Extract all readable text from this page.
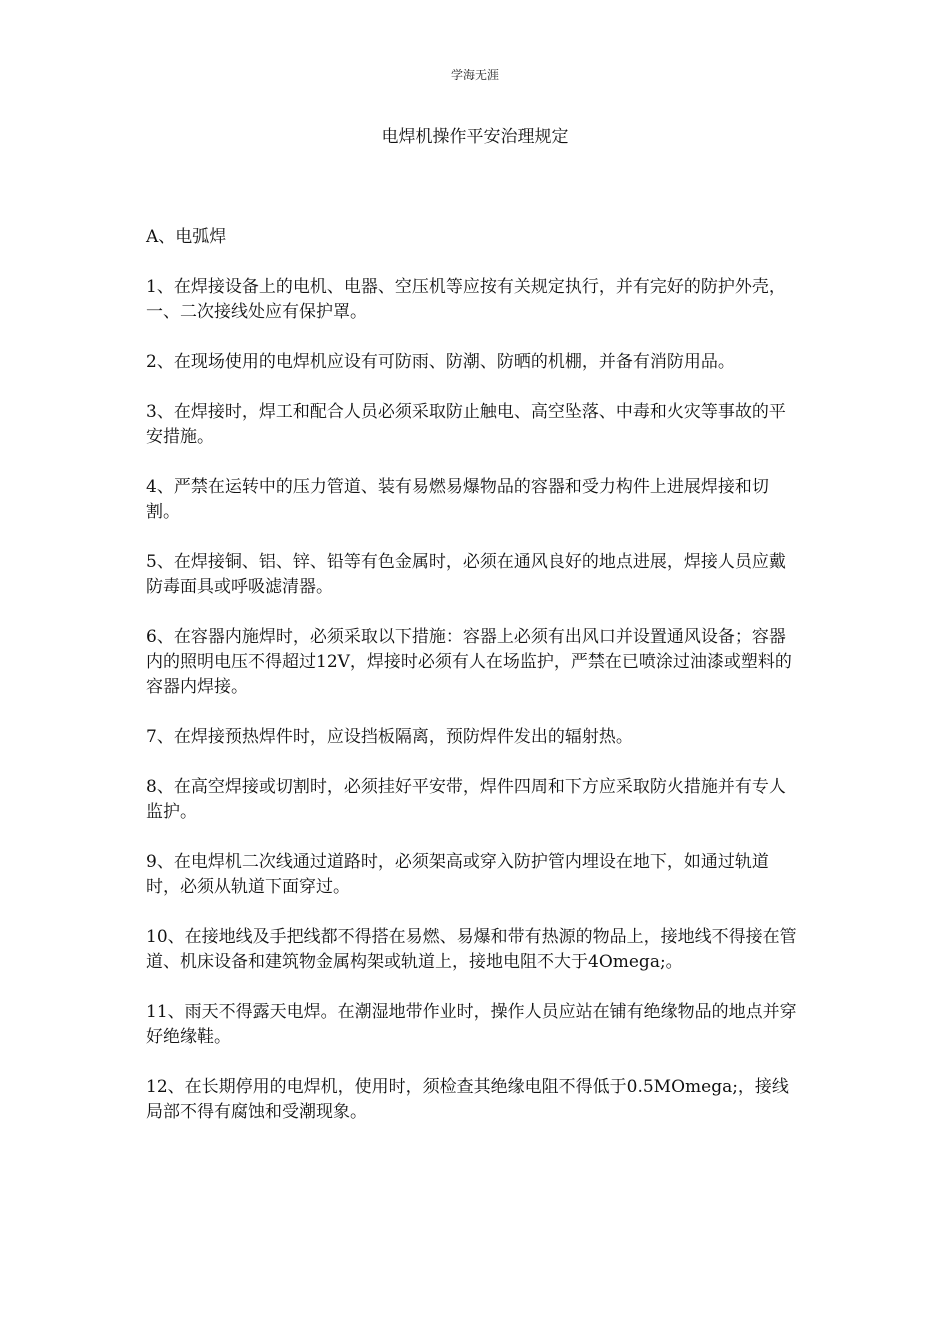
学海无涯
电焊机操作平安治理规定

A、电弧焊

1、在焊接设备上的电机、电器、空压机等应按有关规定执行，并有完好的防护外壳，一、二次接线处应有保护罩。

2、在现场使用的电焊机应设有可防雨、防潮、防晒的机棚，并备有消防用品。

3、在焊接时，焊工和配合人员必须采取防止触电、高空坠落、中毒和火灾等事故的平安措施。

4、严禁在运转中的压力管道、装有易燃易爆物品的容器和受力构件上进展焊接和切割。

5、在焊接铜、铝、锌、铅等有色金属时，必须在通风良好的地点进展，焊接人员应戴防毒面具或呼吸滤清器。

6、在容器内施焊时，必须采取以下措施：容器上必须有出风口并设置通风设备；容器内的照明电压不得超过12V，焊接时必须有人在场监护，严禁在已喷涂过油漆或塑料的容器内焊接。

7、在焊接预热焊件时，应设挡板隔离，预防焊件发出的辐射热。

8、在高空焊接或切割时，必须挂好平安带，焊件四周和下方应采取防火措施并有专人监护。

9、在电焊机二次线通过道路时，必须架高或穿入防护管内埋设在地下，如通过轨道时，必须从轨道下面穿过。

10、在接地线及手把线都不得搭在易燃、易爆和带有热源的物品上，接地线不得接在管道、机床设备和建筑物金属构架或轨道上，接地电阻不大于4Omega;。

11、雨天不得露天电焊。在潮湿地带作业时，操作人员应站在铺有绝缘物品的地点并穿好绝缘鞋。

12、在长期停用的电焊机，使用时，须检查其绝缘电阻不得低于0.5MOmega;，接线局部不得有腐蚀和受潮现象。
